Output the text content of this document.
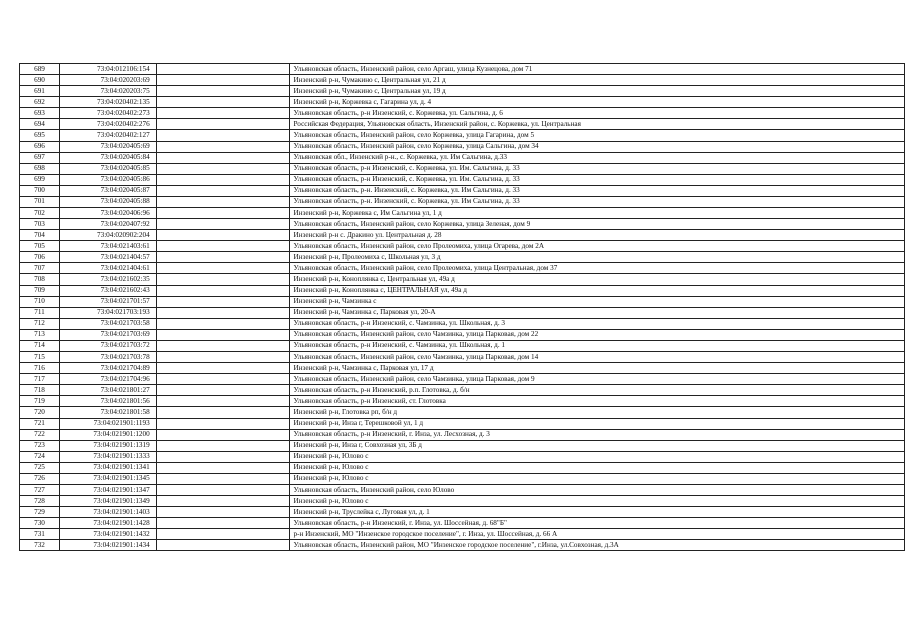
689	73:04:012106:154		Ульяновская область, Инзенский район, село Аргаш, улица Кузнецова, дом 71
690	73:04:020203:69		Инзенский р-н, Чумакино с, Центральная ул, 21 д
691	73:04:020203:75		Инзенский р-н, Чумакино с, Центральная ул, 19 д
692	73:04:020402:135		Инзенский р-н, Коржевка с, Гагарина ул, д. 4
693	73:04:020402:273		Ульяновская область, р-н Инзенский, с. Коржевка, ул. Сальгина, д. 6
694	73:04:020402:276		Российская Федерация, Ульяновская область, Инзенский район, с. Коржевка, ул. Центральная
695	73:04:020402:127		Ульяновская область, Инзенский район, село Коржевка, улица Гагарина, дом 5
696	73:04:020405:69		Ульяновская область, Инзенский район, село Коржевка, улица Сальгина, дом 34
697	73:04:020405:84		Ульяновская обл., Инзенский р-н., с. Коржевка, ул. Им Сальгина, д.33
698	73:04:020405:85		Ульяновская область, р-н Инзенский, с. Коржевка, ул. Им. Сальгина, д. 33
699	73:04:020405:86		Ульяновская область, р-н Инзенский, с. Коржевка, ул. Им. Сальгина, д. 33
700	73:04:020405:87		Ульяновская область, р-н. Инзенский, с. Коржевка, ул. Им Сальгина, д. 33
701	73:04:020405:88		Ульяновская область, р-н. Инзенский, с. Коржевка, ул. Им Сальгина, д. 33
702	73:04:020406:96		Инзенский р-н, Коржевка с, Им Сальгина ул, 1 д
703	73:04:020407:92		Ульяновская область, Инзенский район, село Коржевка, улица Зеленая, дом 9
704	73:04:020902:204		Инзенский р-н с. Дракино ул. Центральная д. 28
705	73:04:021403:61		Ульяновская область, Инзенский район, село Пролеомиха, улица Огарева, дом 2А
706	73:04:021404:57		Инзенский р-н, Пролеомиха с, Школьная ул, 3 д
707	73:04:021404:61		Ульяновская область, Инзенский район, село Пролеомиха, улица Центральная, дом 37
708	73:04:021602:35		Инзенский р-н, Коноплянка с, Центральная ул, 49а д
709	73:04:021602:43		Инзенский р-н, Коноплянка с, ЦЕНТРАЛЬНАЯ ул, 49а д
710	73:04:021701:57		Инзенский р-н, Чамзинка с
711	73:04:021703:193		Инзенский р-н, Чамзинка с, Парковая ул, 20-А
712	73:04:021703:58		Ульяновская область, р-н Инзенский, с. Чамзинка, ул. Школьная, д. 3
713	73:04:021703:69		Ульяновская область, Инзенский район, село Чамзинка, улица Парковая, дом 22
714	73:04:021703:72		Ульяновская область, р-н Инзенский, с. Чамзинка, ул. Школьная, д. 1
715	73:04:021703:78		Ульяновская область, Инзенский район, село Чамзинка, улица Парковая, дом 14
716	73:04:021704:89		Инзенский р-н, Чамзинка с, Парковая ул, 17 д
717	73:04:021704:96		Ульяновская область, Инзенский район, село Чамзинка, улица Парковая, дом 9
718	73:04:021801:27		Ульяновская область, р-н Инзенский, р.п. Глотовка, д. б/н
719	73:04:021801:56		Ульяновская область, р-н Инзенский, ст. Глотовка
720	73:04:021801:58		Инзенский р-н, Глотовка рп, б/н д
721	73:04:021901:1193		Инзенский р-н, Инза г, Терешковой ул, 1 д
722	73:04:021901:1200		Ульяновская область, р-н Инзенский, г. Инза, ул. Лесхозная, д. 3
723	73:04:021901:1319		Инзенский р-н, Инза г, Совхозная ул, 3Б д
724	73:04:021901:1333		Инзенский р-н, Юлово с
725	73:04:021901:1341		Инзенский р-н, Юлово с
726	73:04:021901:1345		Инзенский р-н, Юлово с
727	73:04:021901:1347		Ульяновская область, Инзенский район, село Юлово
728	73:04:021901:1349		Инзенский р-н, Юлово с
729	73:04:021901:1403		Инзенский р-н, Труслейка с, Луговая ул, д. 1
730	73:04:021901:1428		Ульяновская область, р-н Инзенский, г. Инза, ул. Шоссейная, д. 68"Б"
731	73:04:021901:1432		р-н Инзенский, МО "Инзенское городское поселение", г. Инза, ул. Шоссейная, д. 66 А
732	73:04:021901:1434		Ульяновская область, Инзенский район, МО "Инзенское городское поселение", г.Инза, ул.Совхозная, д.3А
